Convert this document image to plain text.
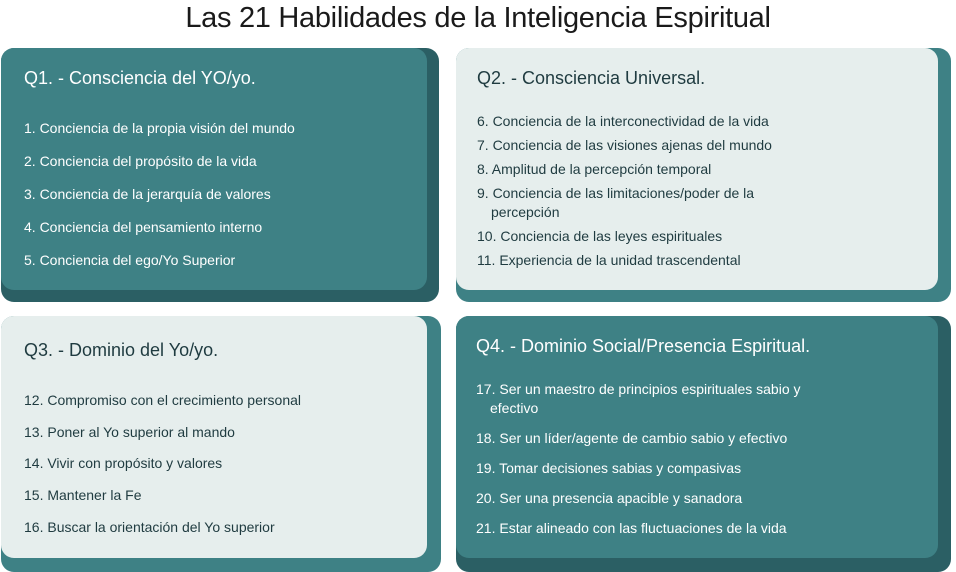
Las 21 Habilidades de la Inteligencia Espiritual
Q1. - Consciencia del YO/yo.
1. Conciencia de la propia visión del mundo
2. Conciencia del propósito de la vida
3. Conciencia de la jerarquía de valores
4. Conciencia del pensamiento interno
5. Conciencia del ego/Yo Superior
Q2. - Consciencia Universal.
6. Conciencia de la interconectividad de la vida
7. Conciencia de las visiones ajenas del mundo
8. Amplitud de la percepción temporal
9. Conciencia de las limitaciones/poder de la
percepción
10. Conciencia de las leyes espirituales
11. Experiencia de la unidad trascendental
Q3. - Dominio del Yo/yo.
12. Compromiso con el crecimiento personal
13. Poner al Yo superior al mando
14. Vivir con propósito y valores
15. Mantener la Fe
16. Buscar la orientación del Yo superior
Q4. - Dominio Social/Presencia Espiritual.
17. Ser un maestro de principios espirituales sabio y
efectivo
18. Ser un líder/agente de cambio sabio y efectivo
19. Tomar decisiones sabias y compasivas
20. Ser una presencia apacible y sanadora
21. Estar alineado con las fluctuaciones de la vida
